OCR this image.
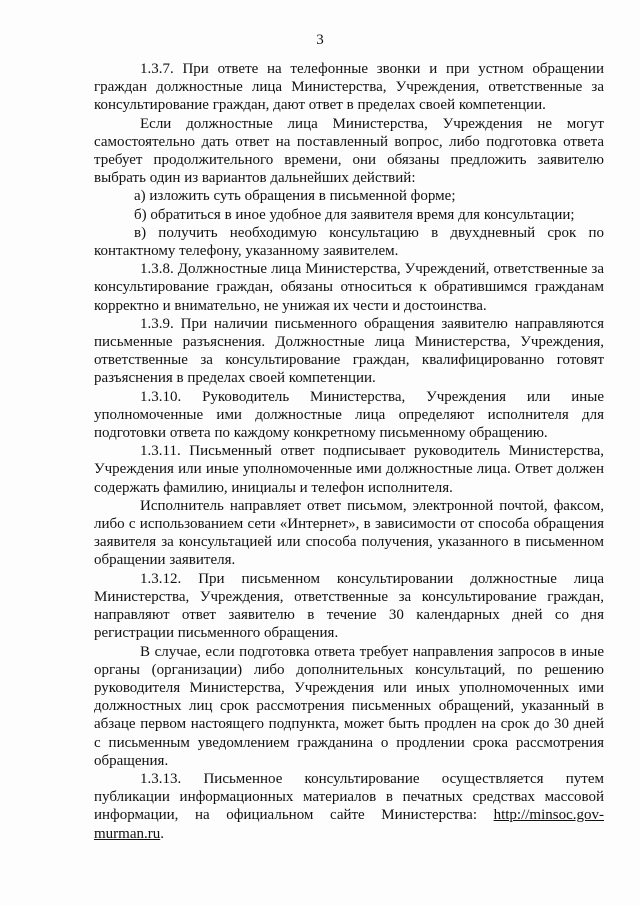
3

1.3.7. При ответе на телефонные звонки и при устном обращении граждан должностные лица Министерства, Учреждения, ответственные за консультирование граждан, дают ответ в пределах своей компетенции.

Если должностные лица Министерства, Учреждения не могут самостоятельно дать ответ на поставленный вопрос, либо подготовка ответа требует продолжительного времени, они обязаны предложить заявителю выбрать один из вариантов дальнейших действий:

а) изложить суть обращения в письменной форме;

б) обратиться в иное удобное для заявителя время для консультации;

в) получить необходимую консультацию в двухдневный срок по контактному телефону, указанному заявителем.

1.3.8. Должностные лица Министерства, Учреждений, ответственные за консультирование граждан, обязаны относиться к обратившимся гражданам корректно и внимательно, не унижая их чести и достоинства.

1.3.9. При наличии письменного обращения заявителю направляются письменные разъяснения. Должностные лица Министерства, Учреждения, ответственные за консультирование граждан, квалифицированно готовят разъяснения в пределах своей компетенции.

1.3.10. Руководитель Министерства, Учреждения или иные уполномоченные ими должностные лица определяют исполнителя для подготовки ответа по каждому конкретному письменному обращению.

1.3.11. Письменный ответ подписывает руководитель Министерства, Учреждения или иные уполномоченные ими должностные лица. Ответ должен содержать фамилию, инициалы и телефон исполнителя.

Исполнитель направляет ответ письмом, электронной почтой, факсом, либо с использованием сети «Интернет», в зависимости от способа обращения заявителя за консультацией или способа получения, указанного в письменном обращении заявителя.

1.3.12. При письменном консультировании должностные лица Министерства, Учреждения, ответственные за консультирование граждан, направляют ответ заявителю в течение 30 календарных дней со дня регистрации письменного обращения.

В случае, если подготовка ответа требует направления запросов в иные органы (организации) либо дополнительных консультаций, по решению руководителя Министерства, Учреждения или иных уполномоченных ими должностных лиц срок рассмотрения письменных обращений, указанный в абзаце первом настоящего подпункта, может быть продлен на срок до 30 дней с письменным уведомлением гражданина о продлении срока рассмотрения обращения.

1.3.13. Письменное консультирование осуществляется путем публикации информационных материалов в печатных средствах массовой информации, на официальном сайте Министерства: http://minsoc.gov-murman.ru.
